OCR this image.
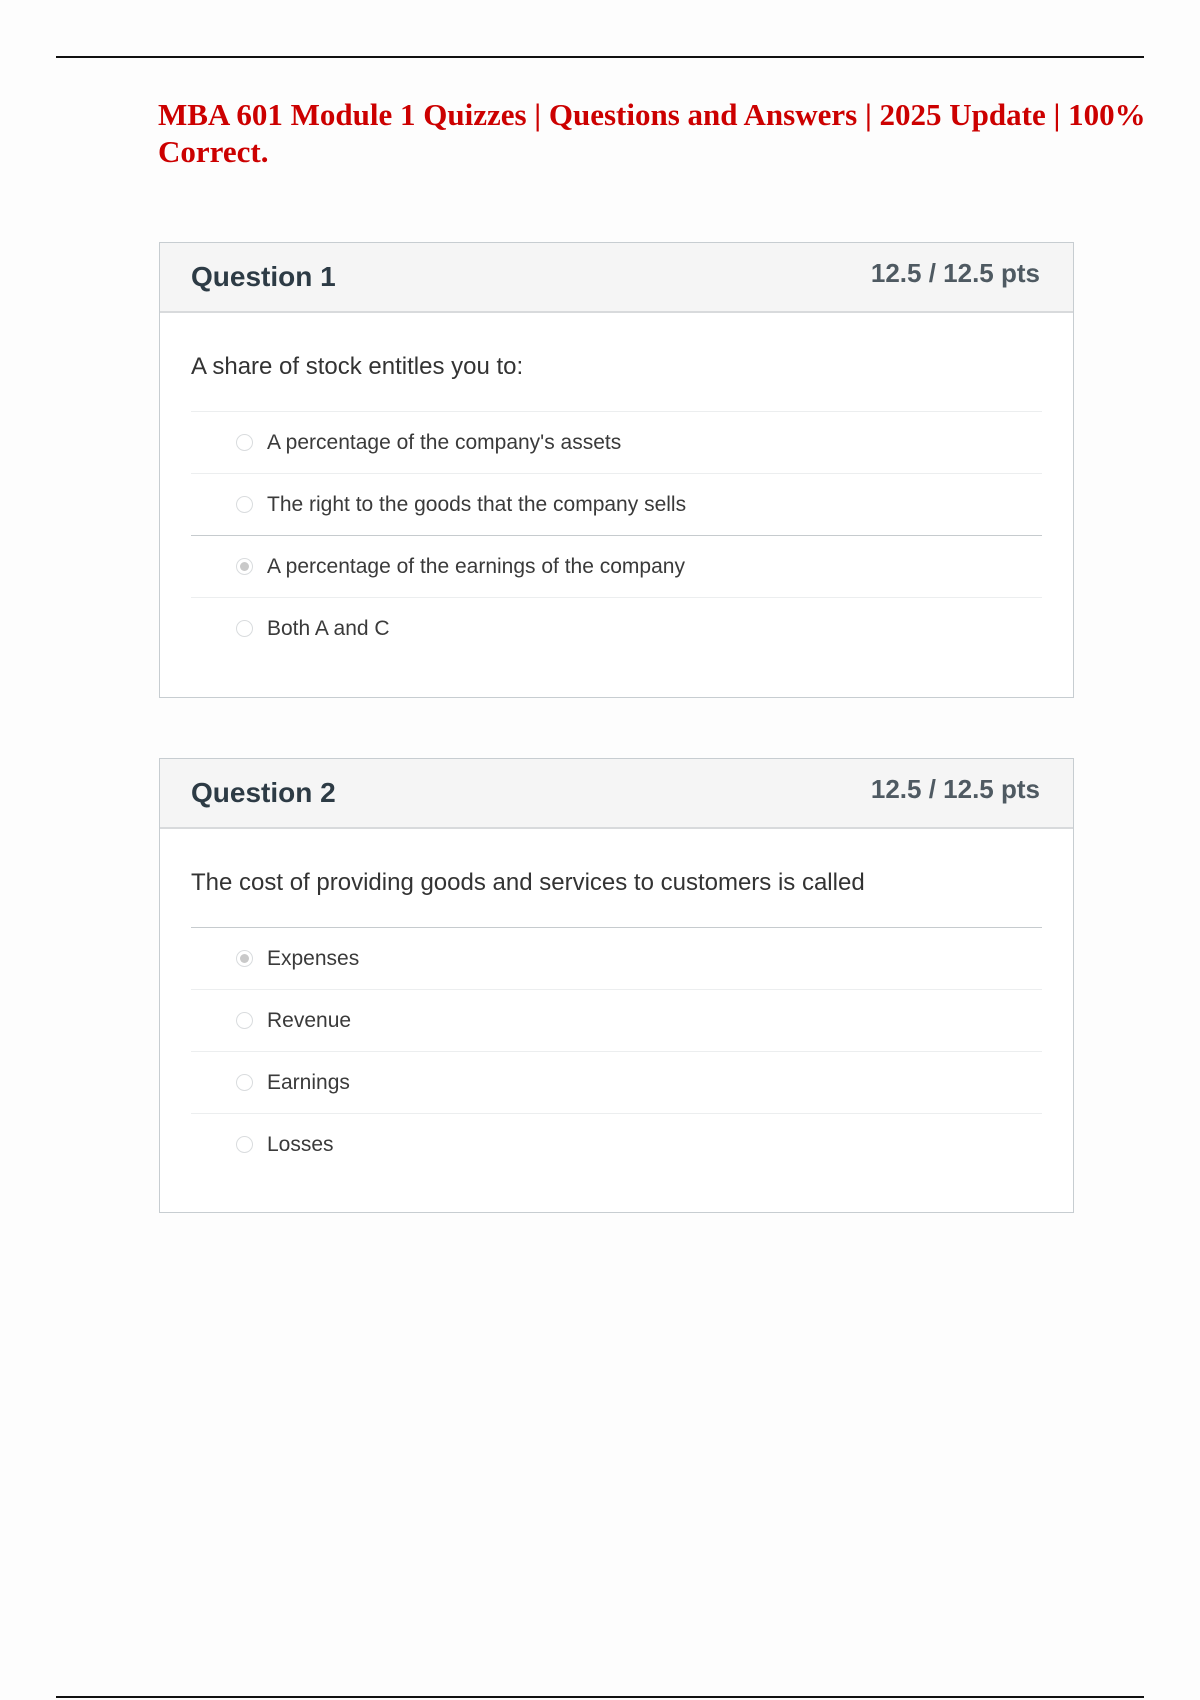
MBA 601 Module 1 Quizzes | Questions and Answers | 2025 Update | 100% Correct.
Question 1	12.5 / 12.5 pts
A share of stock entitles you to:
A percentage of the company's assets
The right to the goods that the company sells
A percentage of the earnings of the company
Both A and C
Question 2	12.5 / 12.5 pts
The cost of providing goods and services to customers is called
Expenses
Revenue
Earnings
Losses
